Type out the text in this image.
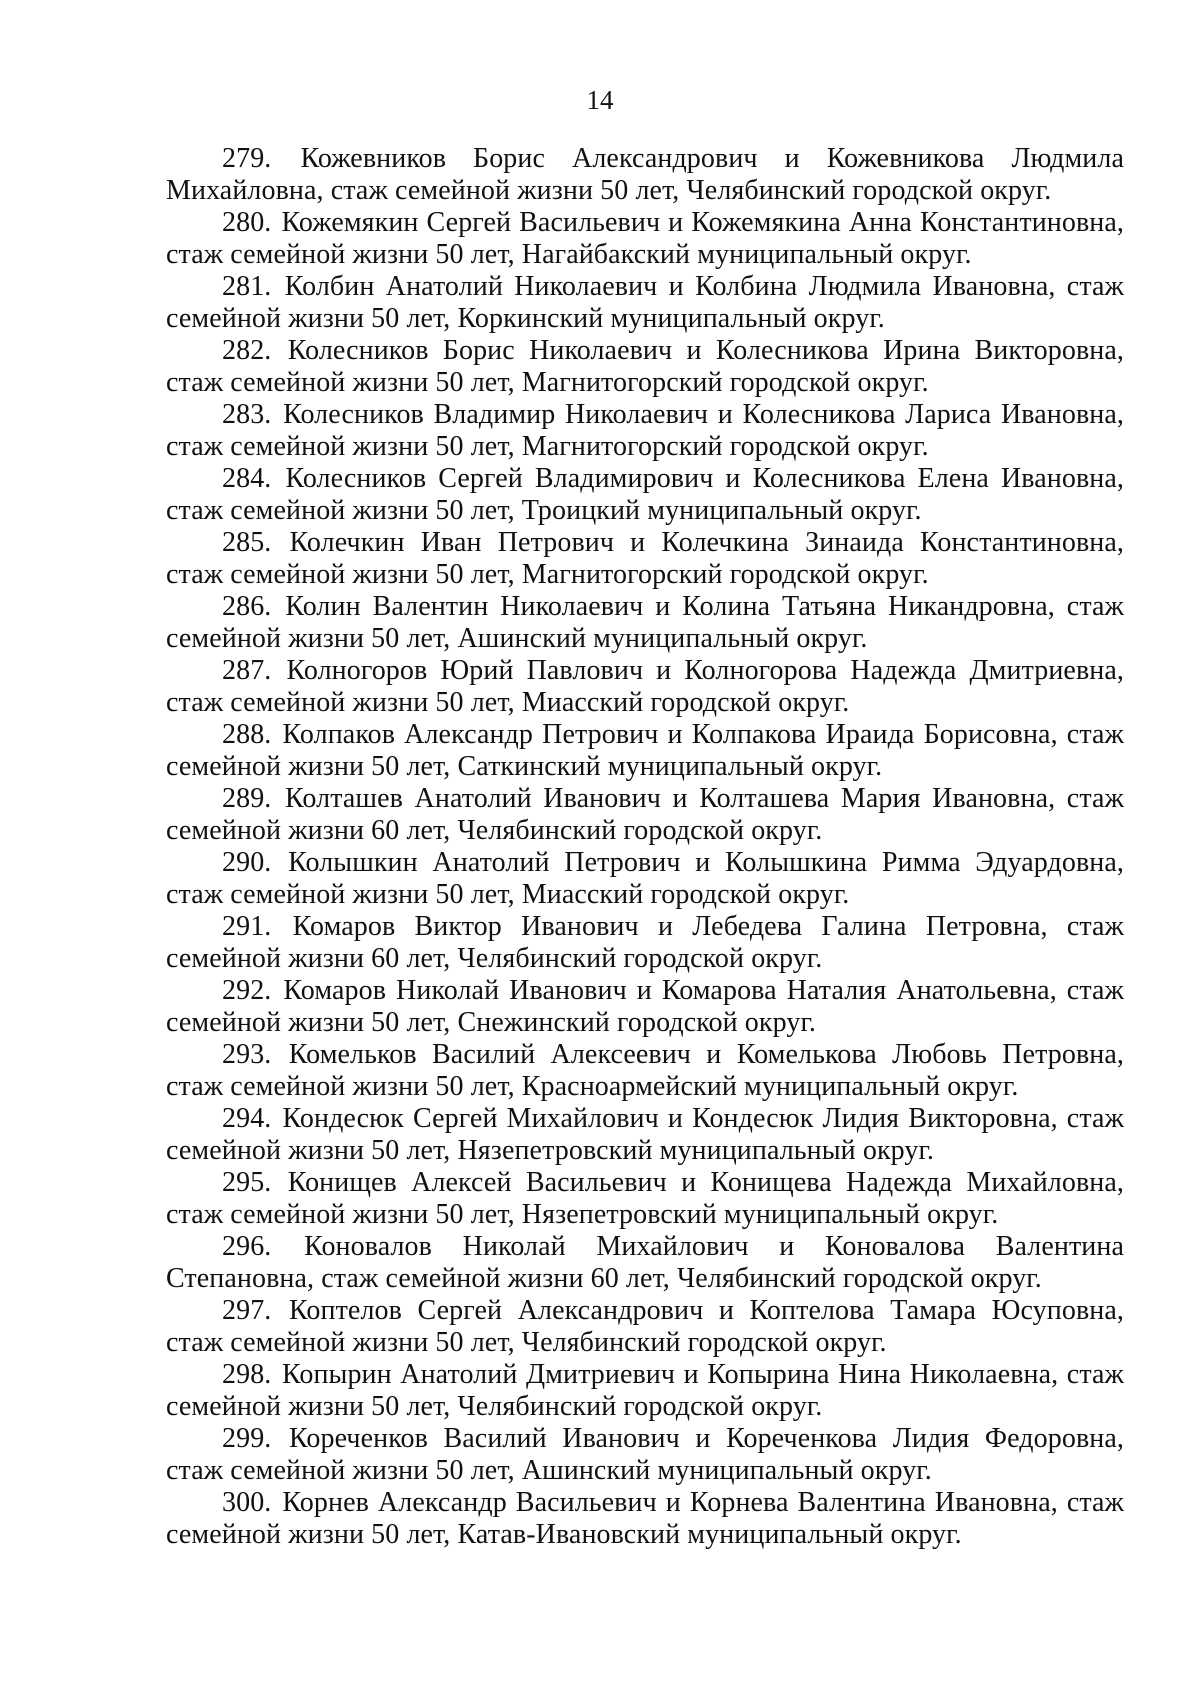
14

279. Кожевников Борис Александрович и Кожевникова Людмила Михайловна, стаж семейной жизни 50 лет, Челябинский городской округ.

280. Кожемякин Сергей Васильевич и Кожемякина Анна Константиновна, стаж семейной жизни 50 лет, Нагайбакский муниципальный округ.

281. Колбин Анатолий Николаевич и Колбина Людмила Ивановна, стаж семейной жизни 50 лет, Коркинский муниципальный округ.

282. Колесников Борис Николаевич и Колесникова Ирина Викторовна, стаж семейной жизни 50 лет, Магнитогорский городской округ.

283. Колесников Владимир Николаевич и Колесникова Лариса Ивановна, стаж семейной жизни 50 лет, Магнитогорский городской округ.

284. Колесников Сергей Владимирович и Колесникова Елена Ивановна, стаж семейной жизни 50 лет, Троицкий муниципальный округ.

285. Колечкин Иван Петрович и Колечкина Зинаида Константиновна, стаж семейной жизни 50 лет, Магнитогорский городской округ.

286. Колин Валентин Николаевич и Колина Татьяна Никандровна, стаж семейной жизни 50 лет, Ашинский муниципальный округ.

287. Колногоров Юрий Павлович и Колногорова Надежда Дмитриевна, стаж семейной жизни 50 лет, Миасский городской округ.

288. Колпаков Александр Петрович и Колпакова Ираида Борисовна, стаж семейной жизни 50 лет, Саткинский муниципальный округ.

289. Колташев Анатолий Иванович и Колташева Мария Ивановна, стаж семейной жизни 60 лет, Челябинский городской округ.

290. Колышкин Анатолий Петрович и Колышкина Римма Эдуардовна, стаж семейной жизни 50 лет, Миасский городской округ.

291. Комаров Виктор Иванович и Лебедева Галина Петровна, стаж семейной жизни 60 лет, Челябинский городской округ.

292. Комаров Николай Иванович и Комарова Наталия Анатольевна, стаж семейной жизни 50 лет, Снежинский городской округ.

293. Комельков Василий Алексеевич и Комелькова Любовь Петровна, стаж семейной жизни 50 лет, Красноармейский муниципальный округ.

294. Кондесюк Сергей Михайлович и Кондесюк Лидия Викторовна, стаж семейной жизни 50 лет, Нязепетровский муниципальный округ.

295. Конищев Алексей Васильевич и Конищева Надежда Михайловна, стаж семейной жизни 50 лет, Нязепетровский муниципальный округ.

296. Коновалов Николай Михайлович и Коновалова Валентина Степановна, стаж семейной жизни 60 лет, Челябинский городской округ.

297. Коптелов Сергей Александрович и Коптелова Тамара Юсуповна, стаж семейной жизни 50 лет, Челябинский городской округ.

298. Копырин Анатолий Дмитриевич и Копырина Нина Николаевна, стаж семейной жизни 50 лет, Челябинский городской округ.

299. Кореченков Василий Иванович и Кореченкова Лидия Федоровна, стаж семейной жизни 50 лет, Ашинский муниципальный округ.

300. Корнев Александр Васильевич и Корнева Валентина Ивановна, стаж семейной жизни 50 лет, Катав-Ивановский муниципальный округ.
